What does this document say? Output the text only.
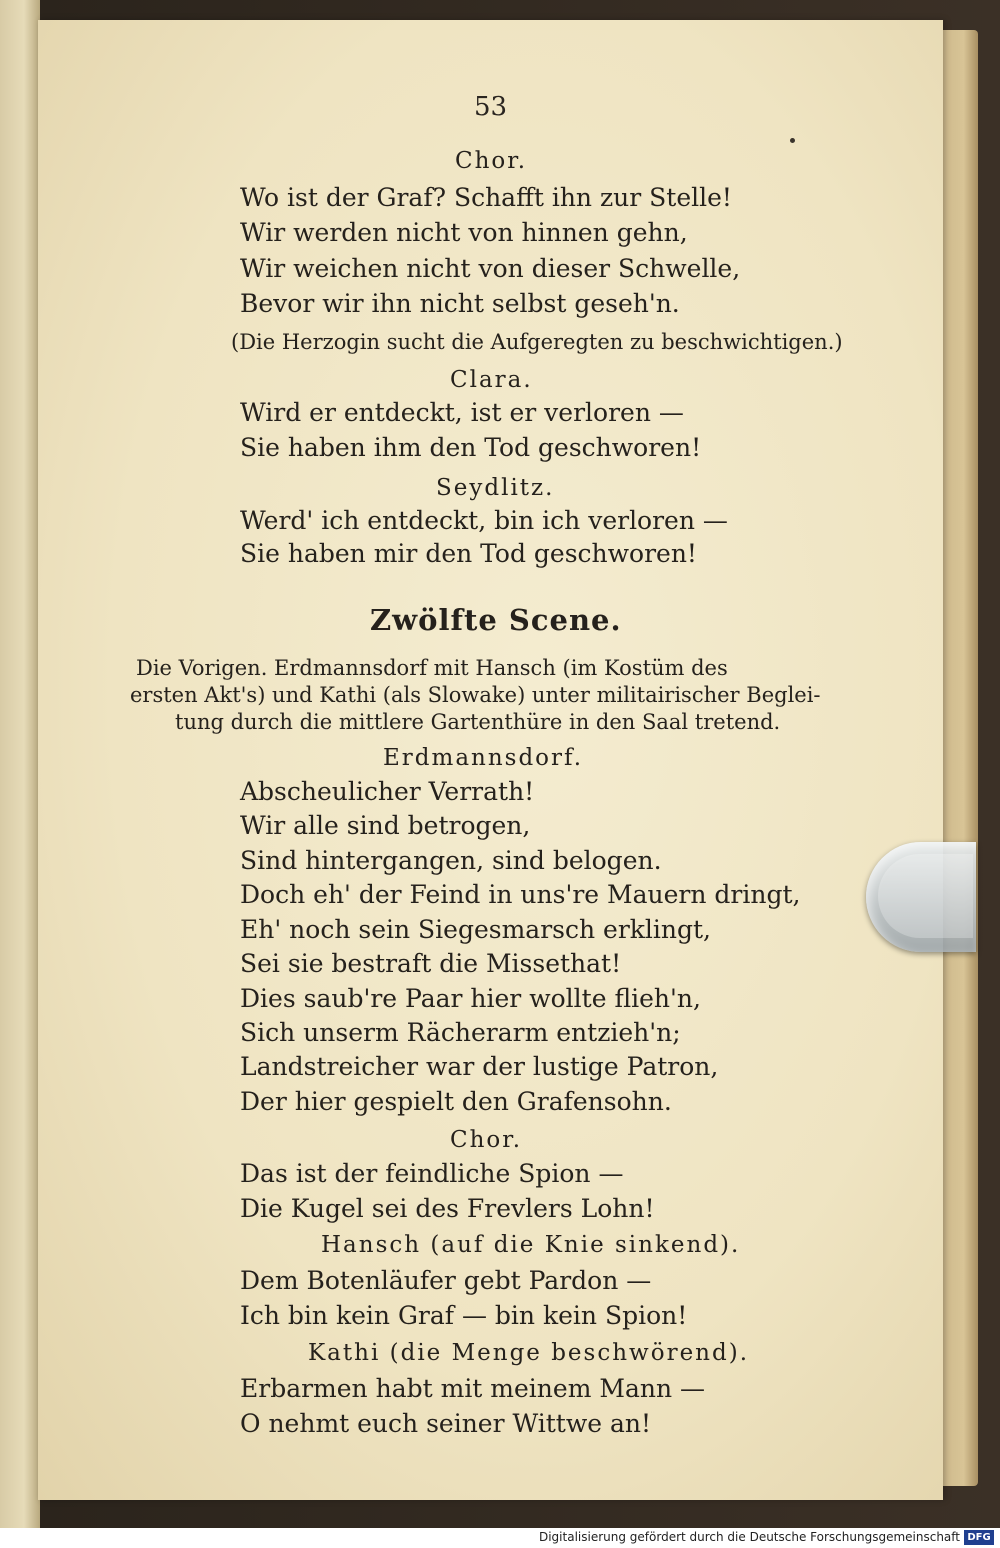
53
Chor.
Wo ist der Graf? Schafft ihn zur Stelle!
Wir werden nicht von hinnen gehn,
Wir weichen nicht von dieser Schwelle,
Bevor wir ihn nicht selbst geseh'n.
(Die Herzogin sucht die Aufgeregten zu beschwichtigen.)
Clara.
Wird er entdeckt, ist er verloren —
Sie haben ihm den Tod geschworen!
Seydlitz.
Werd' ich entdeckt, bin ich verloren —
Sie haben mir den Tod geschworen!
Zwölfte Scene.
Die Vorigen. Erdmannsdorf mit Hansch (im Kostüm des
ersten Akt's) und Kathi (als Slowake) unter militairischer Beglei-
tung durch die mittlere Gartenthüre in den Saal tretend.
Erdmannsdorf.
Abscheulicher Verrath!
Wir alle sind betrogen,
Sind hintergangen, sind belogen.
Doch eh' der Feind in uns're Mauern dringt,
Eh' noch sein Siegesmarsch erklingt,
Sei sie bestraft die Missethat!
Dies saub're Paar hier wollte flieh'n,
Sich unserm Rächerarm entzieh'n;
Landstreicher war der lustige Patron,
Der hier gespielt den Grafensohn.
Chor.
Das ist der feindliche Spion —
Die Kugel sei des Frevlers Lohn!
Hansch (auf die Knie sinkend).
Dem Botenläufer gebt Pardon —
Ich bin kein Graf — bin kein Spion!
Kathi (die Menge beschwörend).
Erbarmen habt mit meinem Mann —
O nehmt euch seiner Wittwe an!
Digitalisierung gefördert durch die Deutsche Forschungsgemeinschaft DFG
